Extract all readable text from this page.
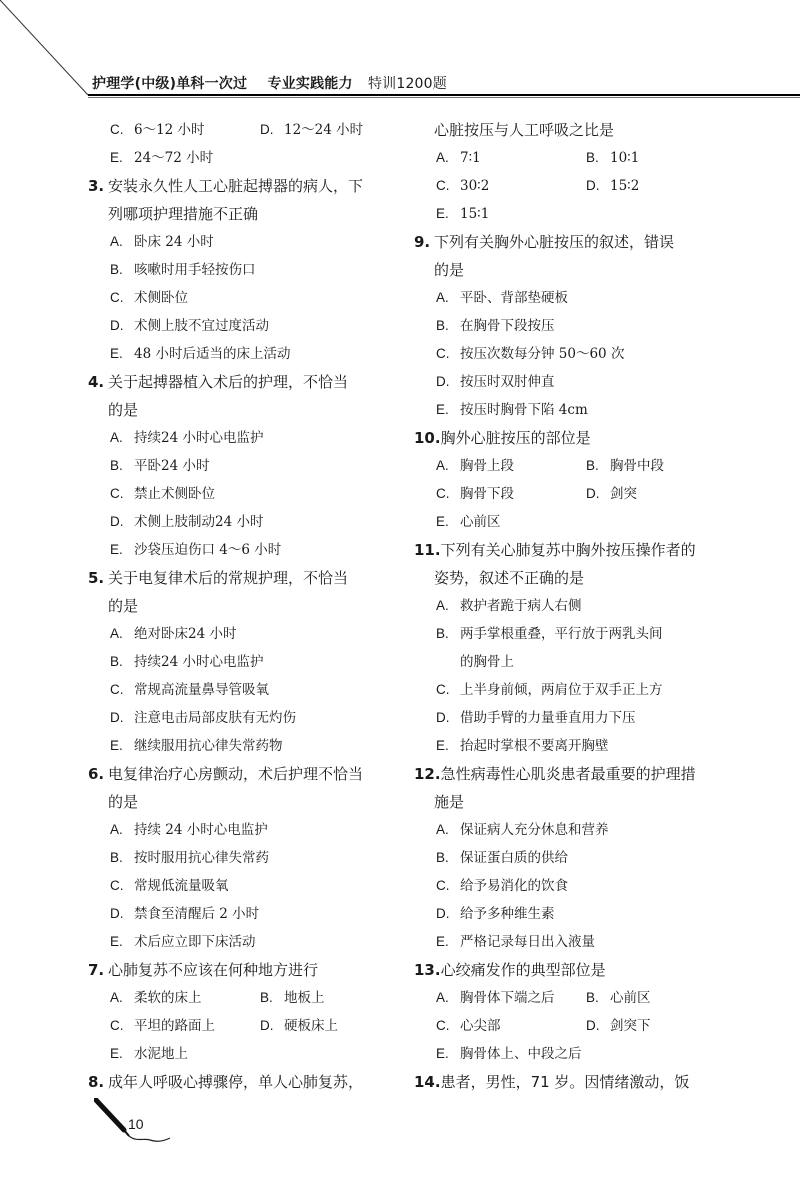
护理学(中级)单科一次过 专业实践能力 特训1200题
C. 6～12 小时	D. 12～24 小时
E. 24～72 小时
3. 安装永久性人工心脏起搏器的病人，下
列哪项护理措施不正确
A. 卧床 24 小时
B. 咳嗽时用手轻按伤口
C. 术侧卧位
D. 术侧上肢不宜过度活动
E. 48 小时后适当的床上活动
4. 关于起搏器植入术后的护理，不恰当
的是
A. 持续24 小时心电监护
B. 平卧24 小时
C. 禁止术侧卧位
D. 术侧上肢制动24 小时
E. 沙袋压迫伤口 4～6 小时
5. 关于电复律术后的常规护理，不恰当
的是
A. 绝对卧床24 小时
B. 持续24 小时心电监护
C. 常规高流量鼻导管吸氧
D. 注意电击局部皮肤有无灼伤
E. 继续服用抗心律失常药物
6. 电复律治疗心房颤动，术后护理不恰当
的是
A. 持续 24 小时心电监护
B. 按时服用抗心律失常药
C. 常规低流量吸氧
D. 禁食至清醒后 2 小时
E. 术后应立即下床活动
7. 心肺复苏不应该在何种地方进行
A. 柔软的床上	B. 地板上
C. 平坦的路面上	D. 硬板床上
E. 水泥地上
8. 成年人呼吸心搏骤停，单人心肺复苏，
心脏按压与人工呼吸之比是
A. 7∶1	B. 10∶1
C. 30∶2	D. 15∶2
E. 15∶1
9. 下列有关胸外心脏按压的叙述，错误
的是
A. 平卧、背部垫硬板
B. 在胸骨下段按压
C. 按压次数每分钟 50～60 次
D. 按压时双肘伸直
E. 按压时胸骨下陷 4cm
10.胸外心脏按压的部位是
A. 胸骨上段	B. 胸骨中段
C. 胸骨下段	D. 剑突
E. 心前区
11.下列有关心肺复苏中胸外按压操作者的
姿势，叙述不正确的是
A. 救护者跪于病人右侧
B. 两手掌根重叠，平行放于两乳头间
的胸骨上
C. 上半身前倾，两肩位于双手正上方
D. 借助手臂的力量垂直用力下压
E. 抬起时掌根不要离开胸壁
12.急性病毒性心肌炎患者最重要的护理措
施是
A. 保证病人充分休息和营养
B. 保证蛋白质的供给
C. 给予易消化的饮食
D. 给予多种维生素
E. 严格记录每日出入液量
13.心绞痛发作的典型部位是
A. 胸骨体下端之后	B. 心前区
C. 心尖部	D. 剑突下
E. 胸骨体上、中段之后
14.患者，男性，71 岁。因情绪激动，饭
10
